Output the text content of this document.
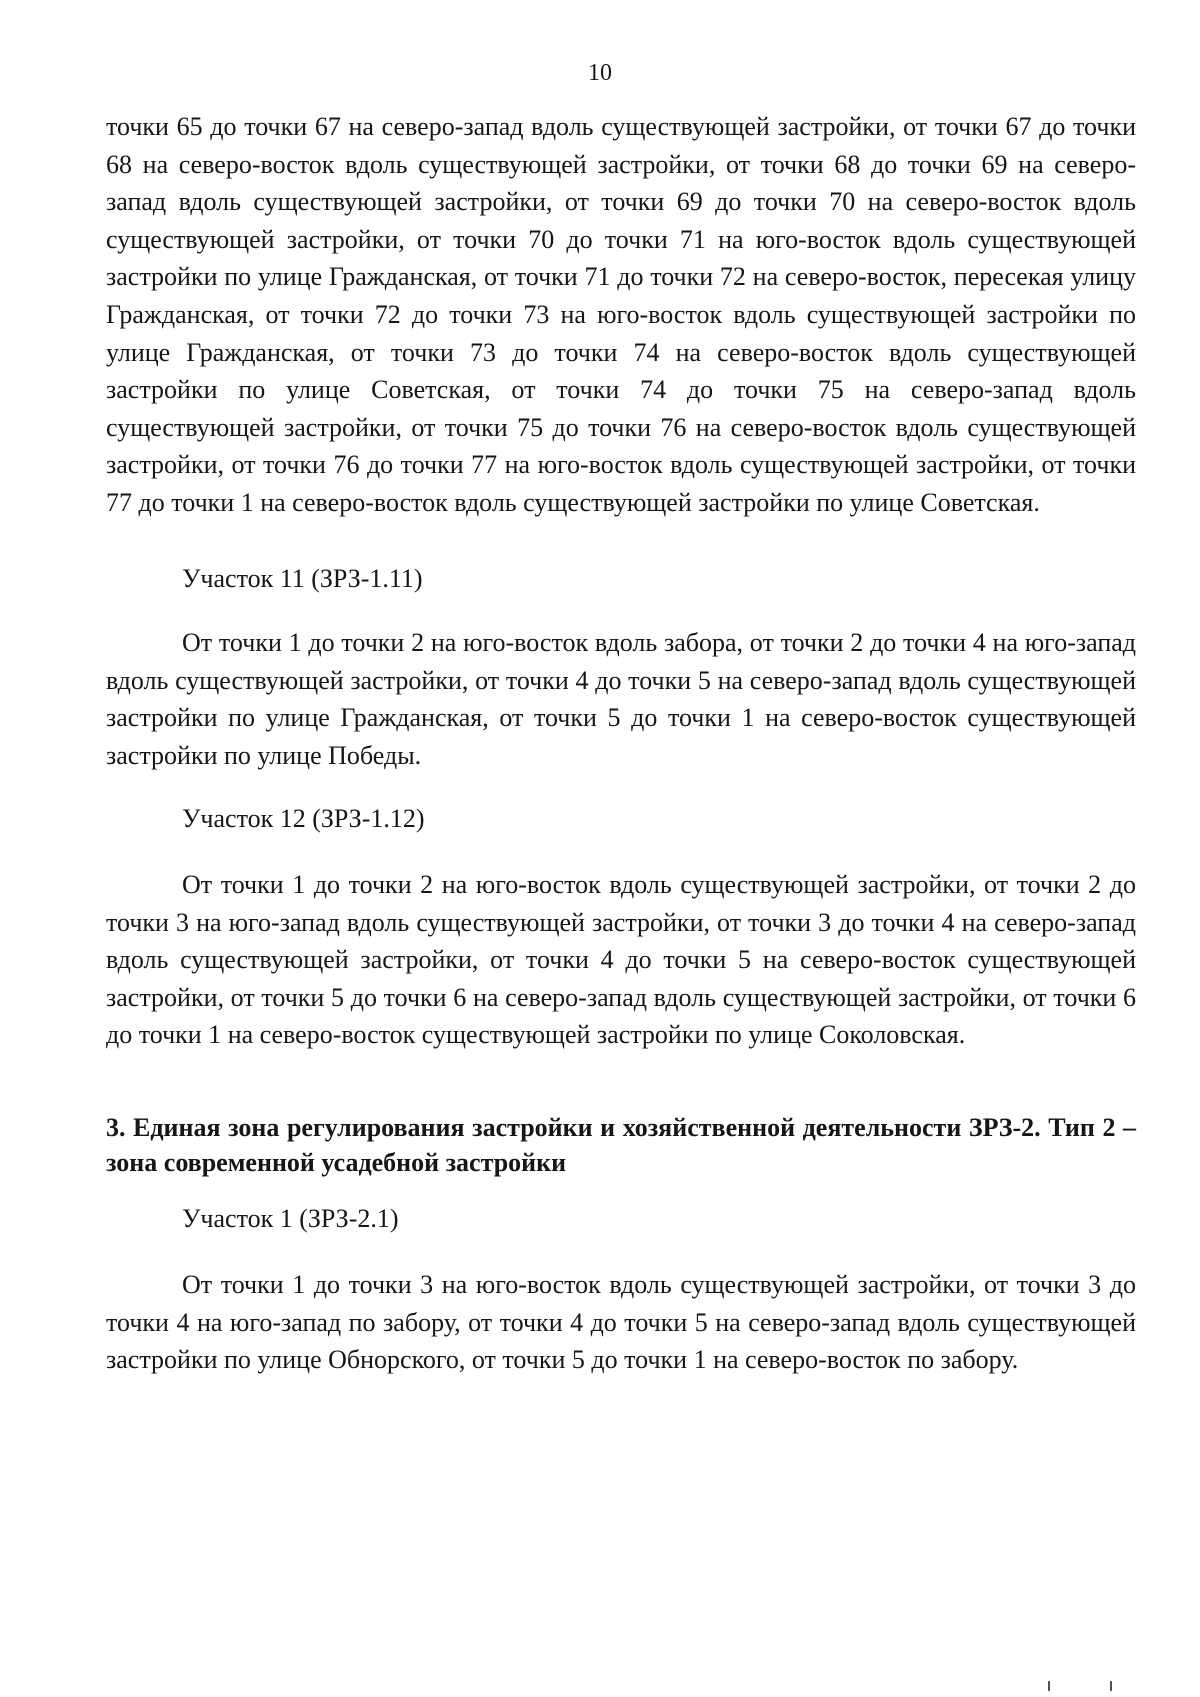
10

точки 65 до точки 67 на северо-запад вдоль существующей застройки, от точки 67 до точки 68 на северо-восток вдоль существующей застройки, от точки 68 до точки 69 на северо-запад вдоль существующей застройки, от точки 69 до точки 70 на северо-восток вдоль существующей застройки, от точки 70 до точки 71 на юго-восток вдоль существующей застройки по улице Гражданская, от точки 71 до точки 72 на северо-восток, пересекая улицу Гражданская, от точки 72 до точки 73 на юго-восток вдоль существующей застройки по улице Гражданская, от точки 73 до точки 74 на северо-восток вдоль существующей застройки по улице Советская, от точки 74 до точки 75 на северо-запад вдоль существующей застройки, от точки 75 до точки 76 на северо-восток вдоль существующей застройки, от точки 76 до точки 77 на юго-восток вдоль существующей застройки, от точки 77 до точки 1 на северо-восток вдоль существующей застройки по улице Советская.

Участок 11 (ЗРЗ-1.11)

От точки 1 до точки 2 на юго-восток вдоль забора, от точки 2 до точки 4 на юго-запад вдоль существующей застройки, от точки 4 до точки 5 на северо-запад вдоль существующей застройки по улице Гражданская, от точки 5 до точки 1 на северо-восток существующей застройки по улице Победы.

Участок 12 (ЗРЗ-1.12)

От точки 1 до точки 2 на юго-восток вдоль существующей застройки, от точки 2 до точки 3 на юго-запад вдоль существующей застройки, от точки 3 до точки 4 на северо-запад вдоль существующей застройки, от точки 4 до точки 5 на северо-восток существующей застройки, от точки 5 до точки 6 на северо-запад вдоль существующей застройки, от точки 6 до точки 1 на северо-восток существующей застройки по улице Соколовская.

3. Единая зона регулирования застройки и хозяйственной деятельности ЗРЗ-2. Тип 2 – зона современной усадебной застройки

Участок 1 (ЗРЗ-2.1)

От точки 1 до точки 3 на юго-восток вдоль существующей застройки, от точки 3 до точки 4 на юго-запад по забору, от точки 4 до точки 5 на северо-запад вдоль существующей застройки по улице Обнорского, от точки 5 до точки 1 на северо-восток по забору.
